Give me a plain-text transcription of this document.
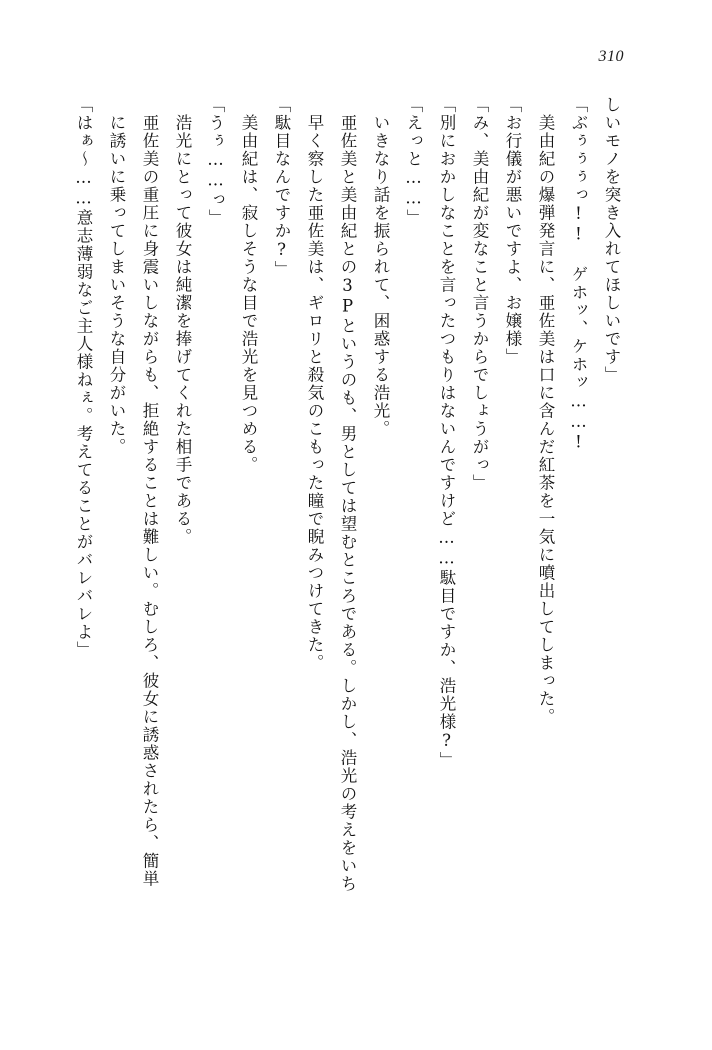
310

しいモノを突き入れてほしいです」

「ぶぅぅぅっ!! ゲホッ、ケホッ……!

美由紀の爆弾発言に、亜佐美は口に含んだ紅茶を一気に噴出してしまった。

「お行儀が悪いですよ、お嬢様」

「み、美由紀が変なこと言うからでしょうがっ」

「別におかしなことを言ったつもりはないんですけど……駄目ですか、浩光様?」

「えっと……」

いきなり話を振られて、困惑する浩光。

亜佐美と美由紀との3Pというのも、男としては望むところである。しかし、浩光の考えをいち早く察した亜佐美は、ギロリと殺気のこもった瞳で睨みつけてきた。

「駄目なんですか?」

美由紀は、寂しそうな目で浩光を見つめる。

「うぅ……っ」

浩光にとって彼女は純潔を捧げてくれた相手である。

亜佐美の重圧に身震いしながらも、拒絶することは難しい。むしろ、彼女に誘惑されたら、簡単に誘いに乗ってしまいそうな自分がいた。

「はぁ〜……意志薄弱なご主人様ねぇ。考えてることがバレバレよ」
